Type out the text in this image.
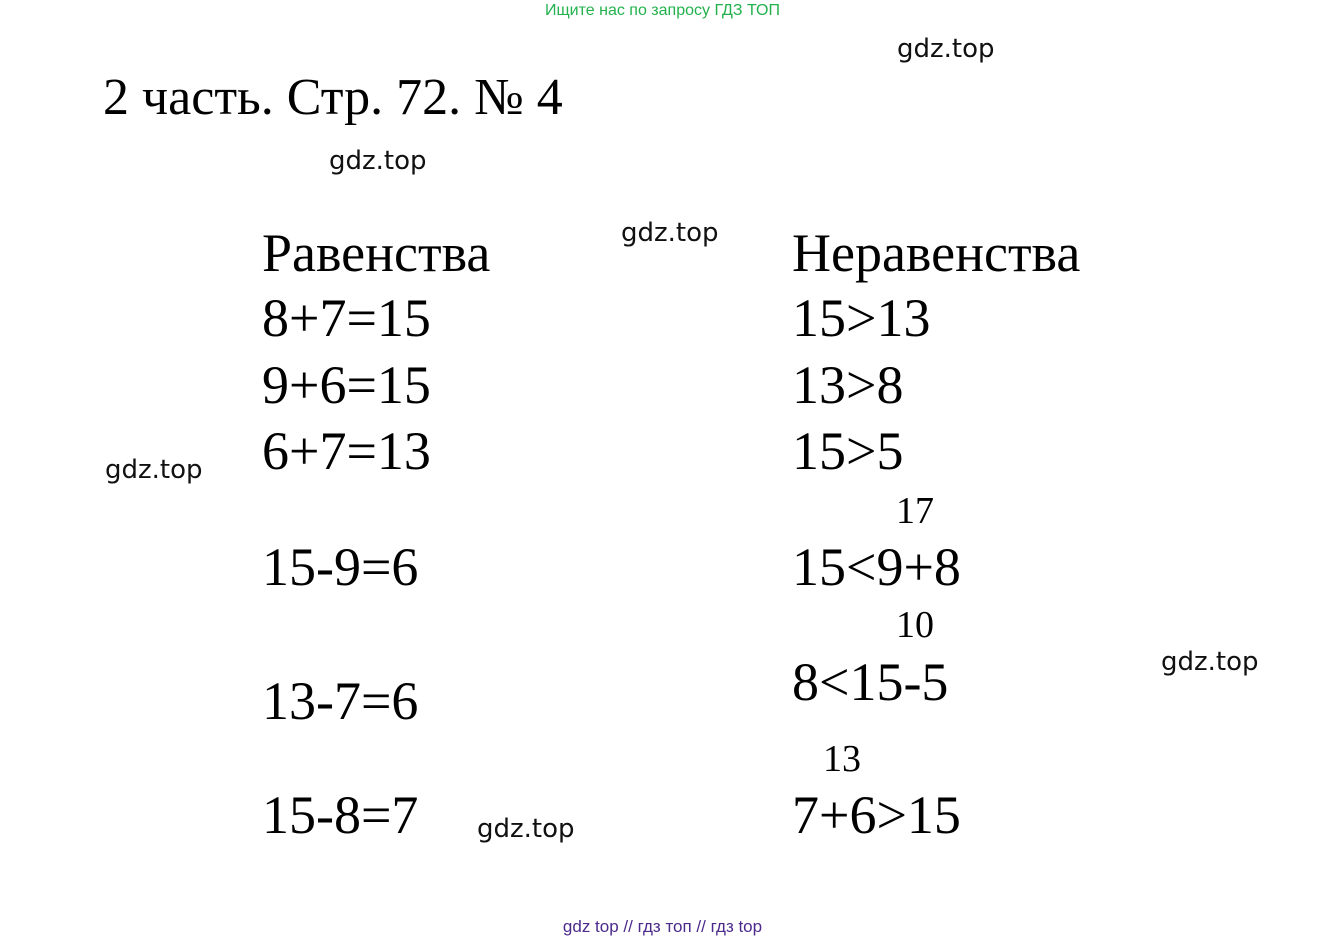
Ищите нас по запросу ГДЗ ТОП
2 часть. Стр. 72. № 4
gdz.top
gdz.top
gdz.top
gdz.top
gdz.top
gdz.top
Равенства
8+7=15
9+6=15
6+7=13
15-9=6
13-7=6
15-8=7
Неравенства
15>13
13>8
15>5
17
15<9+8
10
8<15-5
13
7+6>15
gdz top // гдз топ // гдз top
